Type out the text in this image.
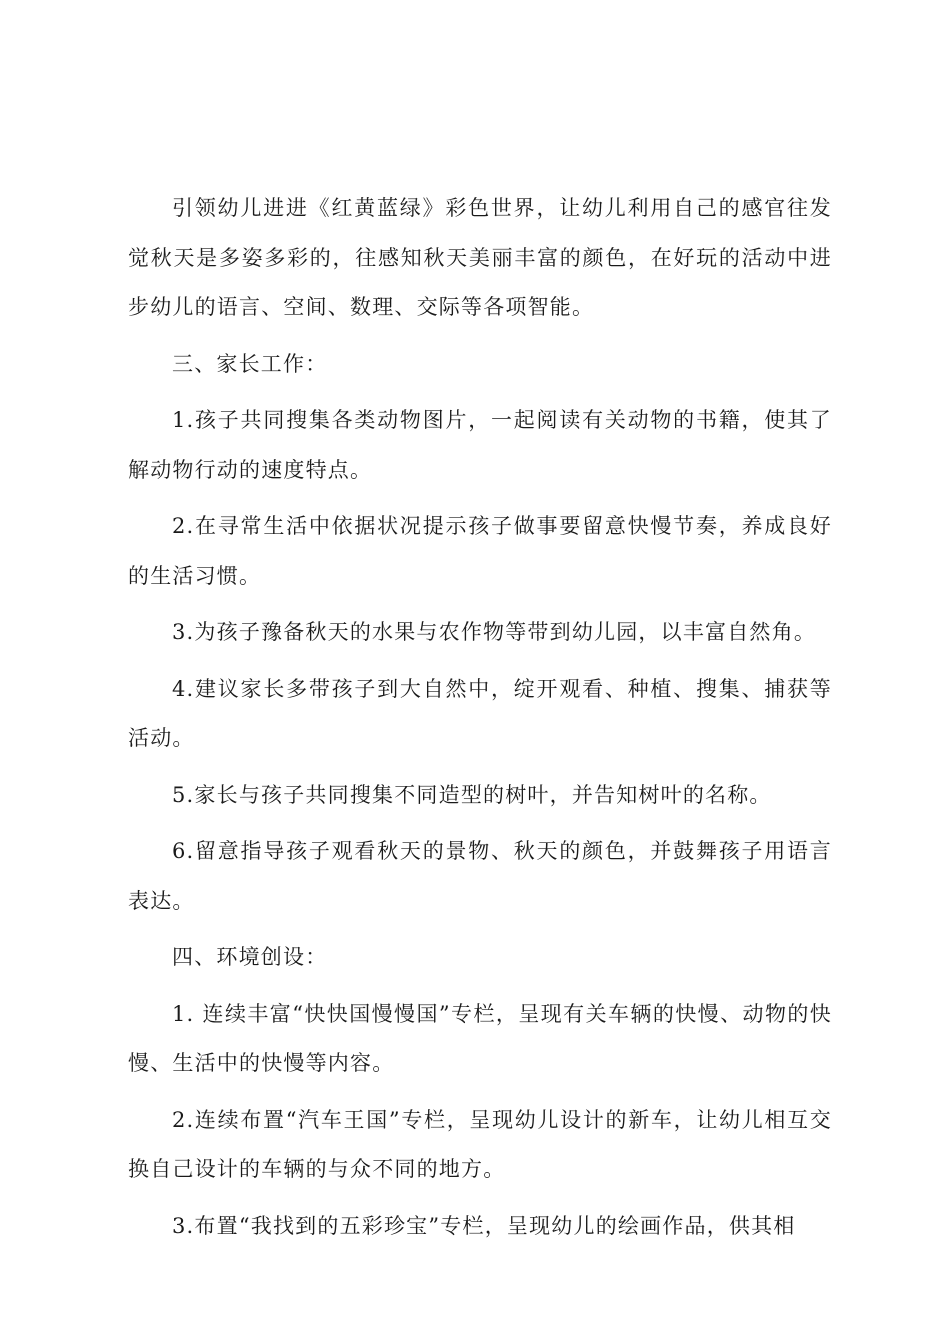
引领幼儿进进《红黄蓝绿》彩色世界，让幼儿利用自己的感官往发觉秋天是多姿多彩的，往感知秋天美丽丰富的颜色，在好玩的活动中进步幼儿的语言、空间、数理、交际等各项智能。

三、家长工作：

1.孩子共同搜集各类动物图片，一起阅读有关动物的书籍，使其了解动物行动的速度特点。

2.在寻常生活中依据状况提示孩子做事要留意快慢节奏，养成良好的生活习惯。

3.为孩子豫备秋天的水果与农作物等带到幼儿园，以丰富自然角。

4.建议家长多带孩子到大自然中，绽开观看、种植、搜集、捕获等活动。

5.家长与孩子共同搜集不同造型的树叶，并告知树叶的名称。

6.留意指导孩子观看秋天的景物、秋天的颜色，并鼓舞孩子用语言表达。

四、环境创设：

1. 连续丰富“快快国慢慢国”专栏，呈现有关车辆的快慢、动物的快慢、生活中的快慢等内容。

2.连续布置“汽车王国”专栏，呈现幼儿设计的新车，让幼儿相互交换自己设计的车辆的与众不同的地方。

3.布置“我找到的五彩珍宝”专栏，呈现幼儿的绘画作品，供其相
